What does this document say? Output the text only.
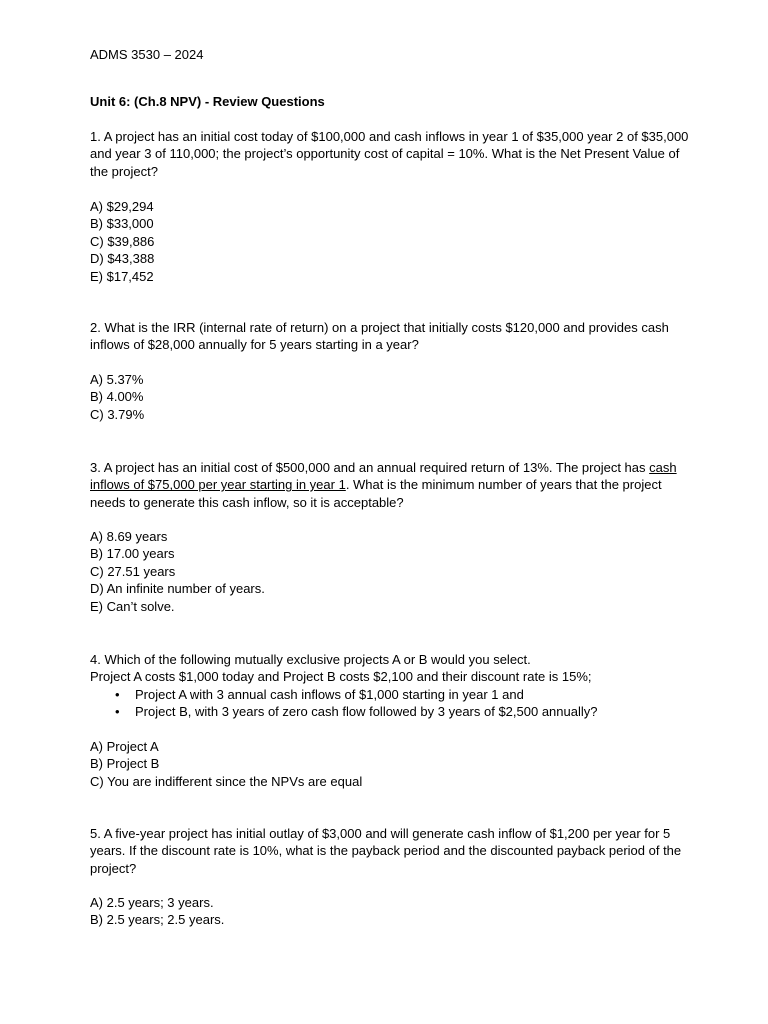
ADMS 3530 – 2024
Unit 6: (Ch.8 NPV) - Review Questions
1. A project has an initial cost today of $100,000 and cash inflows in year 1 of $35,000 year 2 of $35,000
and year 3 of 110,000; the project’s opportunity cost of capital = 10%. What is the Net Present Value of
the project?
A) $29,294
B) $33,000
C) $39,886
D) $43,388
E) $17,452
2. What is the IRR (internal rate of return) on a project that initially costs $120,000 and provides cash
inflows of $28,000 annually for 5 years starting in a year?
A) 5.37%
B) 4.00%
C) 3.79%
3. A project has an initial cost of $500,000 and an annual required return of 13%. The project has cash
inflows of $75,000 per year starting in year 1. What is the minimum number of years that the project
needs to generate this cash inflow, so it is acceptable?
A) 8.69 years
B) 17.00 years
C) 27.51 years
D) An infinite number of years.
E) Can’t solve.
4. Which of the following mutually exclusive projects A or B would you select.
Project A costs $1,000 today and Project B costs $2,100 and their discount rate is 15%;
• Project A with 3 annual cash inflows of $1,000 starting in year 1 and
• Project B, with 3 years of zero cash flow followed by 3 years of $2,500 annually?
A) Project A
B) Project B
C) You are indifferent since the NPVs are equal
5. A five-year project has initial outlay of $3,000 and will generate cash inflow of $1,200 per year for 5
years. If the discount rate is 10%, what is the payback period and the discounted payback period of the
project?
A) 2.5 years; 3 years.
B) 2.5 years; 2.5 years.
